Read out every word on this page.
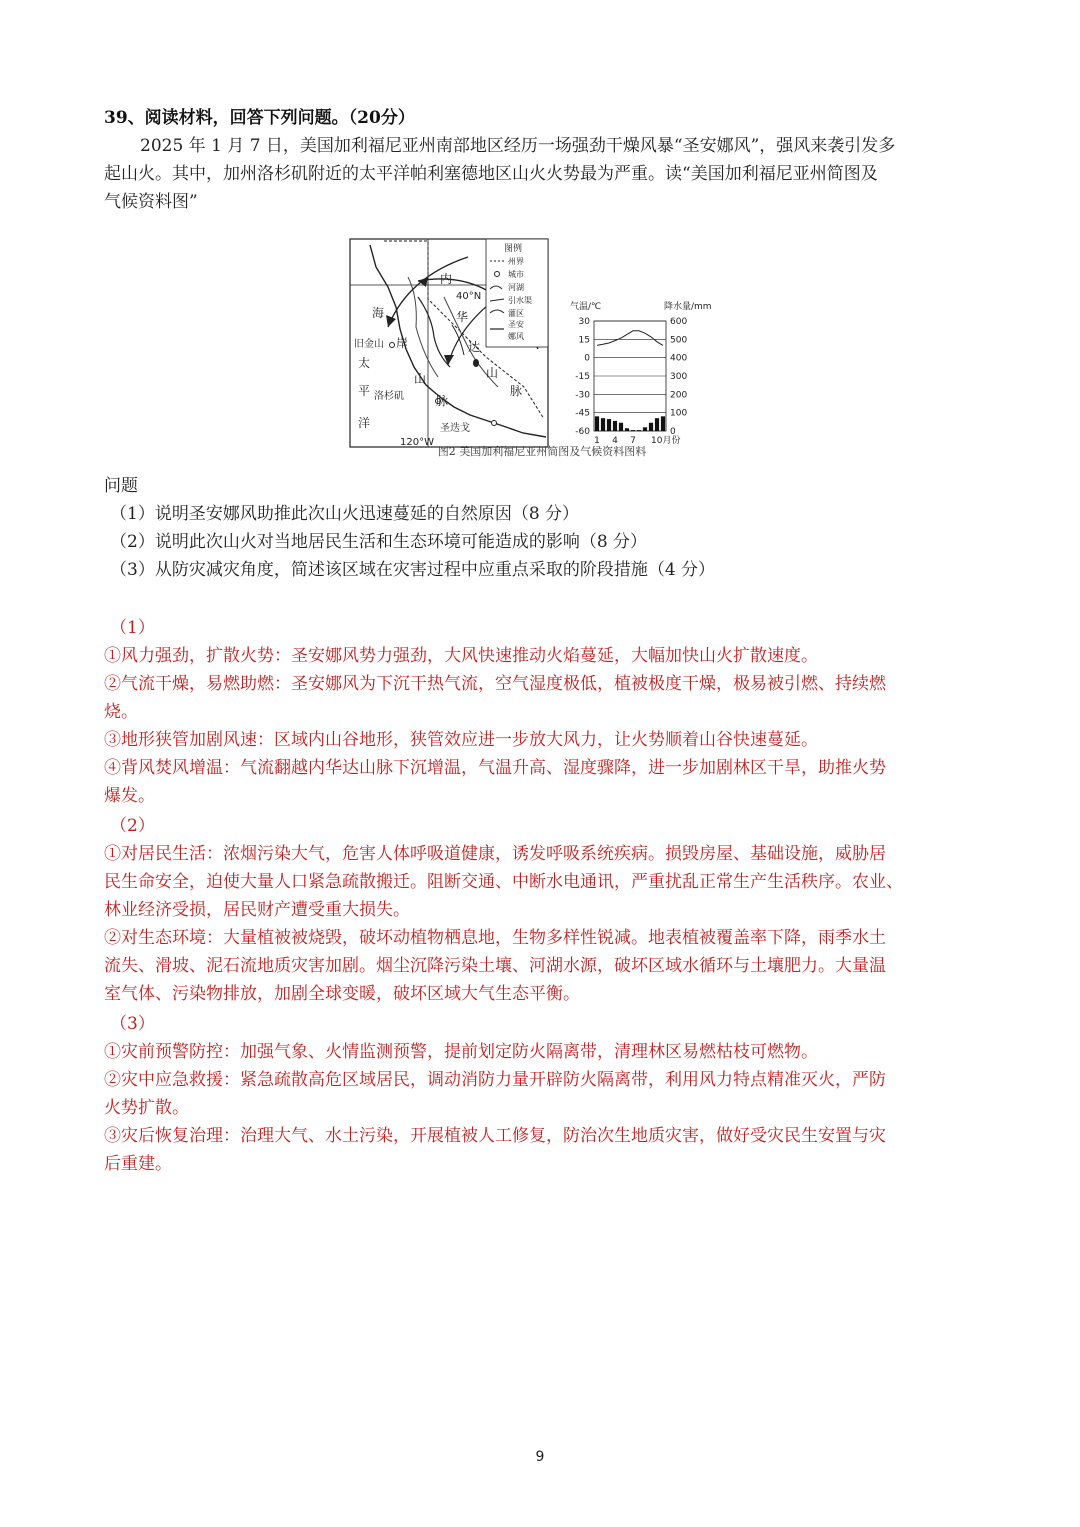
39、阅读材料，回答下列问题。（20分）
2025 年 1 月 7 日，美国加利福尼亚州南部地区经历一场强劲干燥风暴“圣安娜风”，强风来袭引发多
起山火。其中，加州洛杉矶附近的太平洋帕利塞德地区山火火势最为严重。读“美国加利福尼亚州简图及
气候资料图”
内
40°N
华
达
山
脉
海
岸
山
脉
太
平
洋
旧金山
洛杉矶
圣迭戈
120°W
图例
州界
城市
河湖
引水渠
灌区
圣安
娜风
气温/℃	降水量/mm
30
15
0
-15
-30
-45
-60
600
500
400
300
200
100
0
1 4 7 10月份
图2 美国加利福尼亚州简图及气候资料图料
问题
（1）说明圣安娜风助推此次山火迅速蔓延的自然原因（8 分）
（2）说明此次山火对当地居民生活和生态环境可能造成的影响（8 分）
（3）从防灾减灾角度，简述该区域在灾害过程中应重点采取的阶段措施（4 分）
（1）
①风力强劲，扩散火势：圣安娜风势力强劲，大风快速推动火焰蔓延，大幅加快山火扩散速度。
②气流干燥，易燃助燃：圣安娜风为下沉干热气流，空气湿度极低，植被极度干燥，极易被引燃、持续燃
烧。
③地形狭管加剧风速：区域内山谷地形，狭管效应进一步放大风力，让火势顺着山谷快速蔓延。
④背风焚风增温：气流翻越内华达山脉下沉增温，气温升高、湿度骤降，进一步加剧林区干旱，助推火势
爆发。
（2）
①对居民生活：浓烟污染大气，危害人体呼吸道健康，诱发呼吸系统疾病。损毁房屋、基础设施，威胁居
民生命安全，迫使大量人口紧急疏散搬迁。阻断交通、中断水电通讯，严重扰乱正常生产生活秩序。农业、
林业经济受损，居民财产遭受重大损失。
②对生态环境：大量植被被烧毁，破坏动植物栖息地，生物多样性锐减。地表植被覆盖率下降，雨季水土
流失、滑坡、泥石流地质灾害加剧。烟尘沉降污染土壤、河湖水源，破坏区域水循环与土壤肥力。大量温
室气体、污染物排放，加剧全球变暖，破坏区域大气生态平衡。
（3）
①灾前预警防控：加强气象、火情监测预警，提前划定防火隔离带，清理林区易燃枯枝可燃物。
②灾中应急救援：紧急疏散高危区域居民，调动消防力量开辟防火隔离带，利用风力特点精准灭火，严防
火势扩散。
③灾后恢复治理：治理大气、水土污染，开展植被人工修复，防治次生地质灾害，做好受灾民生安置与灾
后重建。
9
